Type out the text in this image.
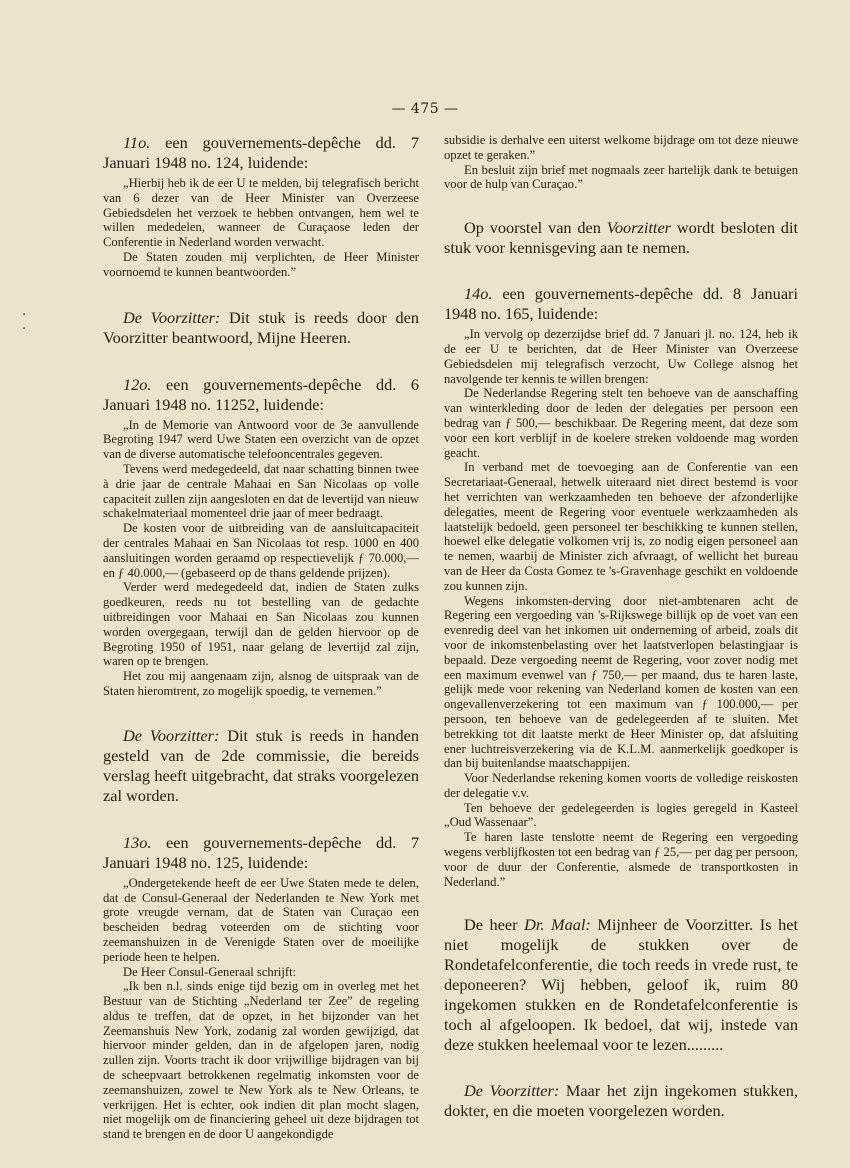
— 475 —
.
.

11o. een gouvernements-depêche dd. 7 Januari 1948 no. 124, luidende:

„Hierbij heb ik de eer U te melden, bij telegrafisch bericht van 6 dezer van de Heer Minister van Overzeese Gebiedsdelen het verzoek te hebben ontvangen, hem wel te willen mededelen, wanneer de Curaçaose leden der Conferentie in Nederland worden verwacht.

De Staten zouden mij verplichten, de Heer Minister voornoemd te kunnen beantwoorden.”

De Voorzitter: Dit stuk is reeds door den Voorzitter beantwoord, Mijne Heeren.

12o. een gouvernements-depêche dd. 6 Januari 1948 no. 11252, luidende:

„In de Memorie van Antwoord voor de 3e aanvullende Begroting 1947 werd Uwe Staten een overzicht van de opzet van de diverse automatische telefooncentrales gegeven.

Tevens werd medegedeeld, dat naar schatting binnen twee à drie jaar de centrale Mahaai en San Nicolaas op volle capaciteit zullen zijn aangesloten en dat de levertijd van nieuw schakelmateriaal momenteel drie jaar of meer bedraagt.

De kosten voor de uitbreiding van de aansluitcapaciteit der centrales Mahaai en San Nicolaas tot resp. 1000 en 400 aansluitingen worden geraamd op respectievelijk ƒ 70.000,— en ƒ 40.000,— (gebaseerd op de thans geldende prijzen).

Verder werd medegedeeld dat, indien de Staten zulks goedkeuren, reeds nu tot bestelling van de gedachte uitbreidingen voor Mahaai en San Nicolaas zou kunnen worden overgegaan, terwijl dan de gelden hiervoor op de Begroting 1950 of 1951, naar gelang de levertijd zal zijn, waren op te brengen.

Het zou mij aangenaam zijn, alsnog de uitspraak van de Staten hieromtrent, zo mogelijk spoedig, te vernemen.”

De Voorzitter: Dit stuk is reeds in handen gesteld van de 2de commissie, die bereids verslag heeft uitgebracht, dat straks voorgelezen zal worden.

13o. een gouvernements-depêche dd. 7 Januari 1948 no. 125, luidende:

„Ondergetekende heeft de eer Uwe Staten mede te delen, dat de Consul-Generaal der Nederlanden te New York met grote vreugde vernam, dat de Staten van Curaçao een bescheiden bedrag voteerden om de stichting voor zeemanshuizen in de Verenigde Staten over de moeilijke periode heen te helpen.

De Heer Consul-Generaal schrijft:

„Ik ben n.l. sinds enige tijd bezig om in overleg met het Bestuur van de Stichting „Nederland ter Zee” de regeling aldus te treffen, dat de opzet, in het bijzonder van het Zeemanshuis New York, zodanig zal worden gewijzigd, dat hiervoor minder gelden, dan in de afgelopen jaren, nodig zullen zijn. Voorts tracht ik door vrijwillige bijdragen van bij de scheepvaart betrokkenen regelmatig inkomsten voor de zeemanshuizen, zowel te New York als te New Orleans, te verkrijgen. Het is echter, ook indien dit plan mocht slagen, niet mogelijk om de financiering geheel uit deze bijdragen tot stand te brengen en de door U aangekondigde

subsidie is derhalve een uiterst welkome bijdrage om tot deze nieuwe opzet te geraken.”

En besluit zijn brief met nogmaals zeer hartelijk dank te betuigen voor de hulp van Curaçao.”

Op voorstel van den Voorzitter wordt besloten dit stuk voor kennisgeving aan te nemen.

14o. een gouvernements-depêche dd. 8 Januari 1948 no. 165, luidende:

„In vervolg op dezerzijdse brief dd. 7 Januari jl. no. 124, heb ik de eer U te berichten, dat de Heer Minister van Overzeese Gebiedsdelen mij telegrafisch verzocht, Uw College alsnog het navolgende ter kennis te willen brengen:

De Nederlandse Regering stelt ten behoeve van de aanschaffing van winterkleding door de leden der delegaties per persoon een bedrag van ƒ 500,— beschikbaar. De Regering meent, dat deze som voor een kort verblijf in de koelere streken voldoende mag worden geacht.

In verband met de toevoeging aan de Conferentie van een Secretariaat-Generaal, hetwelk uiteraard niet direct bestemd is voor het verrichten van werkzaamheden ten behoeve der afzonderlijke delegaties, meent de Regering voor eventuele werkzaamheden als laatstelijk bedoeld, geen personeel ter beschikking te kunnen stellen, hoewel elke delegatie volkomen vrij is, zo nodig eigen personeel aan te nemen, waarbij de Minister zich afvraagt, of wellicht het bureau van de Heer da Costa Gomez te 's-Gravenhage geschikt en voldoende zou kunnen zijn.

Wegens inkomsten-derving door niet-ambtenaren acht de Regering een vergoeding van 's-Rijkswege billijk op de voet van een evenredig deel van het inkomen uit onderneming of arbeid, zoals dit voor de inkomstenbelasting over het laatstverlopen belastingjaar is bepaald. Deze vergoeding neemt de Regering, voor zover nodig met een maximum evenwel van ƒ 750,— per maand, dus te haren laste, gelijk mede voor rekening van Nederland komen de kosten van een ongevallenverzekering tot een maximum van ƒ 100.000,— per persoon, ten behoeve van de gedelegeerden af te sluiten. Met betrekking tot dit laatste merkt de Heer Minister op, dat afsluiting ener luchtreisverzekering via de K.L.M. aanmerkelijk goedkoper is dan bij buitenlandse maatschappijen.

Voor Nederlandse rekening komen voorts de volledige reiskosten der delegatie v.v.

Ten behoeve der gedelegeerden is logies geregeld in Kasteel „Oud Wassenaar”.

Te haren laste tenslotte neemt de Regering een vergoeding wegens verblijfkosten tot een bedrag van ƒ 25,— per dag per persoon, voor de duur der Conferentie, alsmede de transportkosten in Nederland.”

De heer Dr. Maal: Mijnheer de Voorzitter. Is het niet mogelijk de stukken over de Rondetafelconferentie, die toch reeds in vrede rust, te deponeeren? Wij hebben, geloof ik, ruim 80 ingekomen stukken en de Rondetafelconferentie is toch al afgeloopen. Ik bedoel, dat wij, instede van deze stukken heelemaal voor te lezen.........

De Voorzitter: Maar het zijn ingekomen stukken, dokter, en die moeten voorgelezen worden.
